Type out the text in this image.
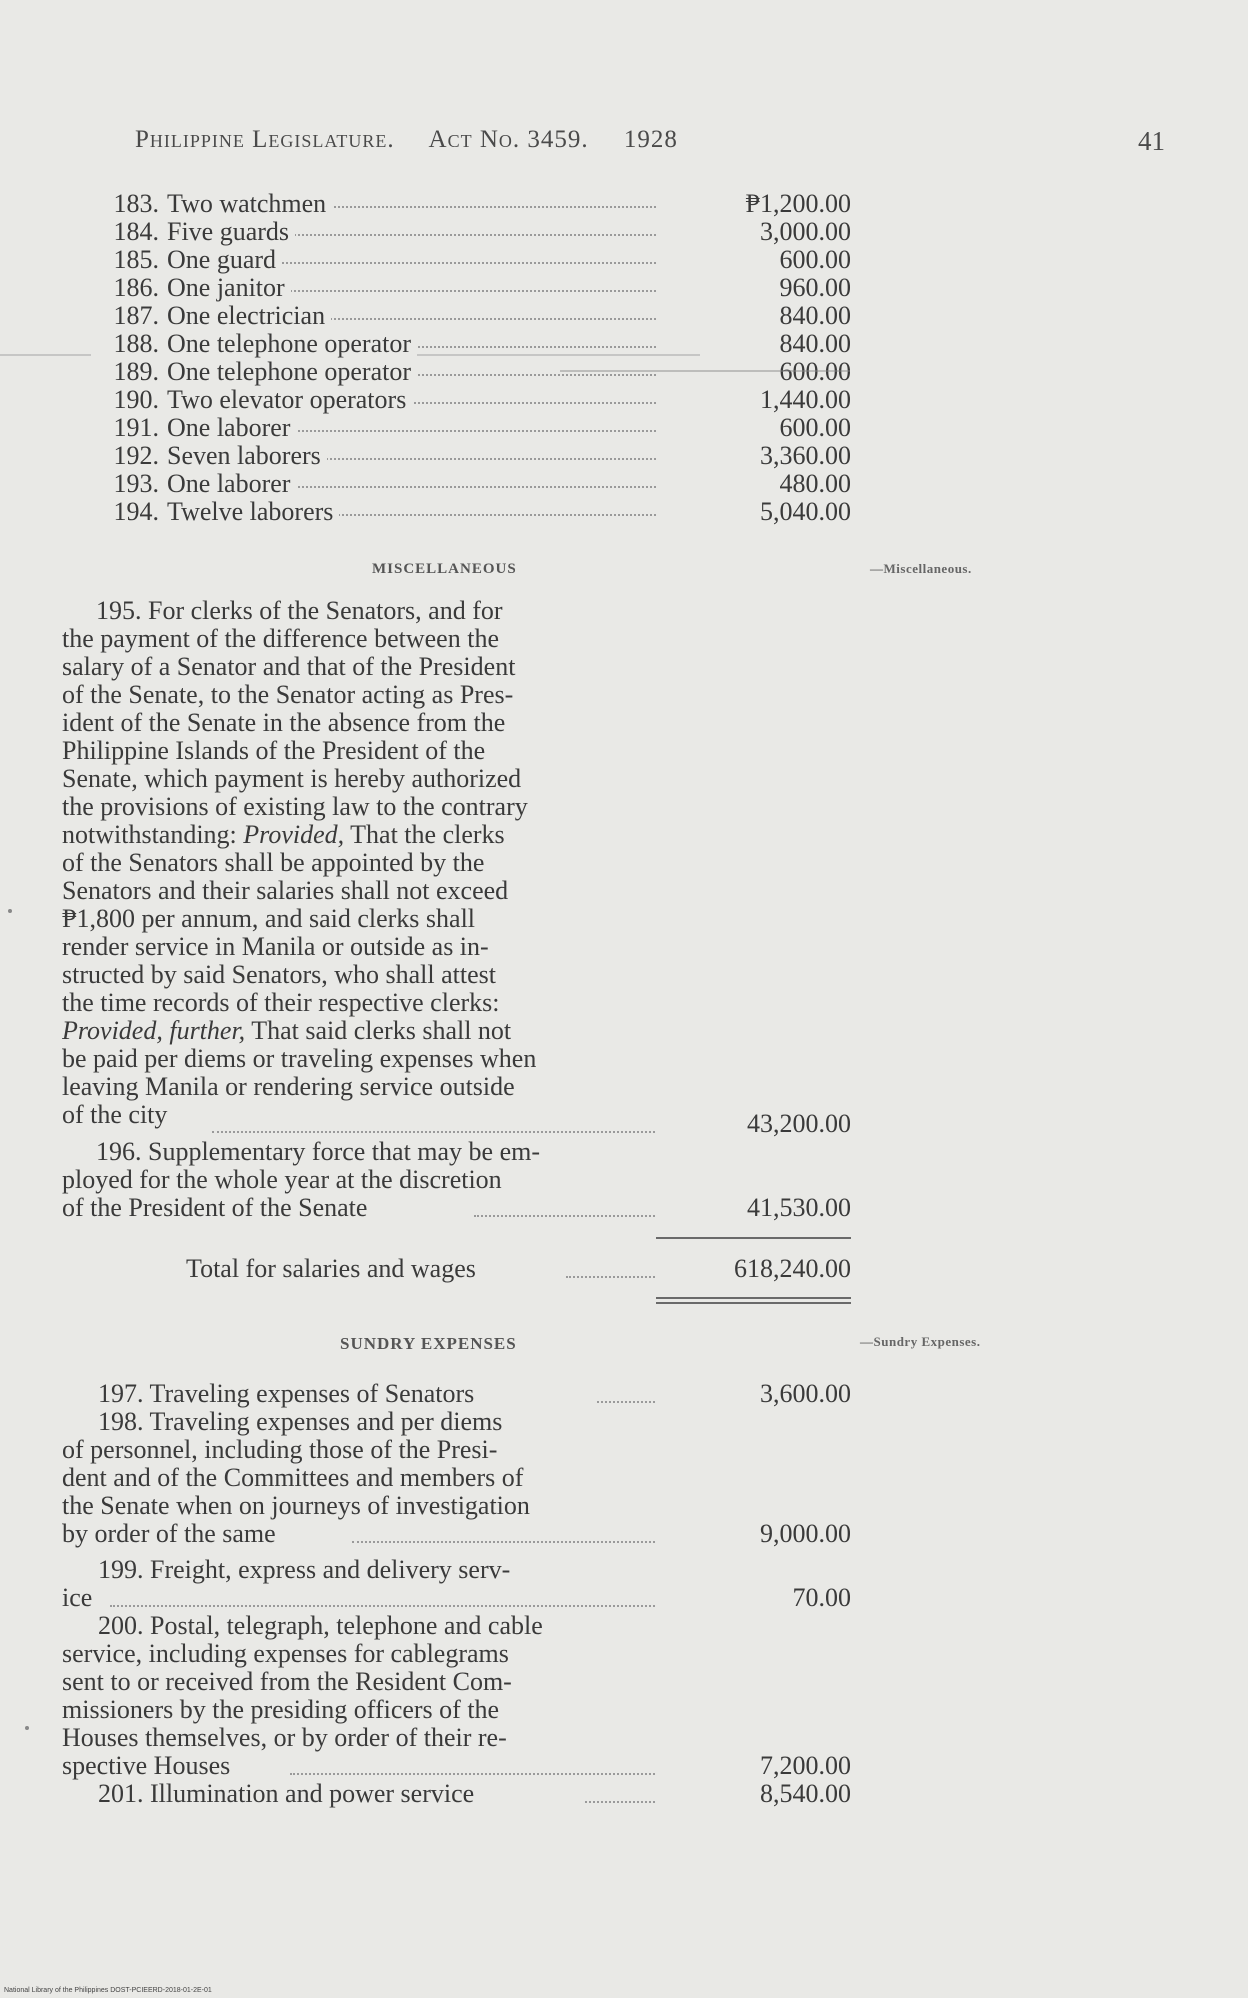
Philippine Legislature. Act No. 3459. 1928	41
183. Two watchmen	₱1,200.00
184. Five guards	3,000.00
185. One guard	600.00
186. One janitor	960.00
187. One electrician	840.00
188. One telephone operator	840.00
189. One telephone operator	600.00
190. Two elevator operators	1,440.00
191. One laborer	600.00
192. Seven laborers	3,360.00
193. One laborer	480.00
194. Twelve laborers	5,040.00
MISCELLANEOUS	—Miscellaneous.
195. For clerks of the Senators, and for
the payment of the difference between the
salary of a Senator and that of the President
of the Senate, to the Senator acting as Pres-
ident of the Senate in the absence from the
Philippine Islands of the President of the
Senate, which payment is hereby authorized
the provisions of existing law to the contrary
notwithstanding: Provided, That the clerks
of the Senators shall be appointed by the
Senators and their salaries shall not exceed
₱1,800 per annum, and said clerks shall
render service in Manila or outside as in-
structed by said Senators, who shall attest
the time records of their respective clerks:
Provided, further, That said clerks shall not
be paid per diems or traveling expenses when
leaving Manila or rendering service outside
of the city	43,200.00
196. Supplementary force that may be em-
ployed for the whole year at the discretion
of the President of the Senate	41,530.00
Total for salaries and wages	618,240.00
SUNDRY EXPENSES	—Sundry Expenses.
197. Traveling expenses of Senators	3,600.00
198. Traveling expenses and per diems
of personnel, including those of the Presi-
dent and of the Committees and members of
the Senate when on journeys of investigation
by order of the same	9,000.00
199. Freight, express and delivery serv-
ice	70.00
200. Postal, telegraph, telephone and cable
service, including expenses for cablegrams
sent to or received from the Resident Com-
missioners by the presiding officers of the
Houses themselves, or by order of their re-
spective Houses	7,200.00
201. Illumination and power service	8,540.00
National Library of the Philippines DOST-PCIEERD-2018-01-2E-01
